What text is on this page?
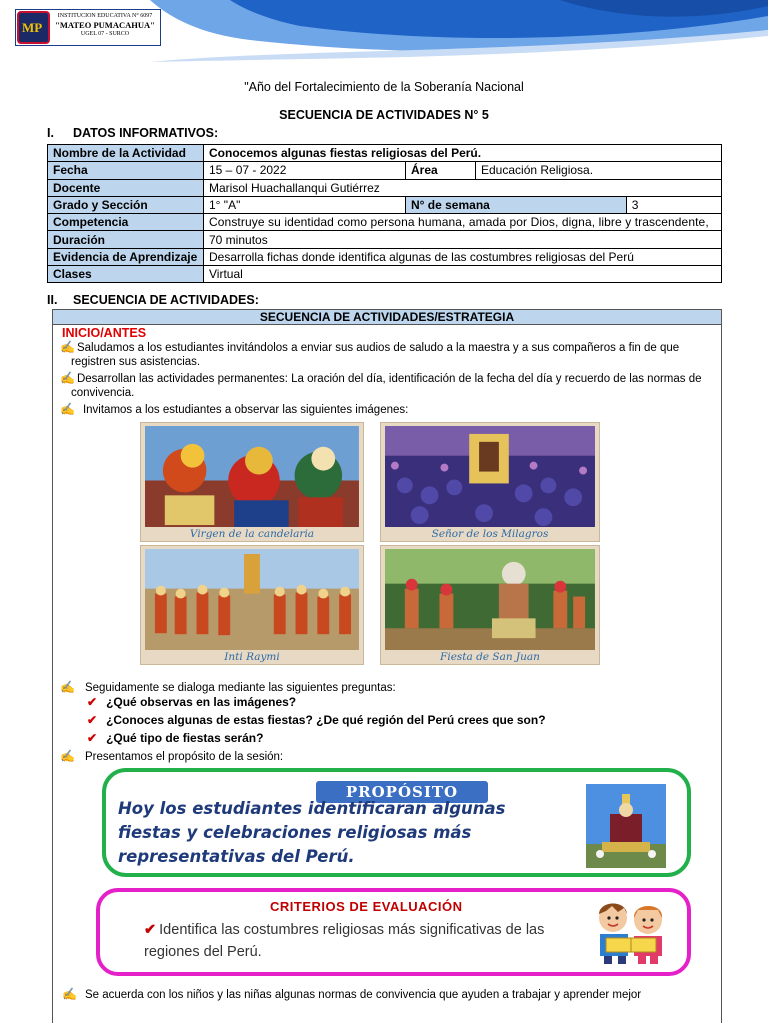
MP
INSTITUCION EDUCATIVA N° 6097
"MATEO PUMACAHUA"
UGEL 07 - SURCO
"Año del Fortalecimiento de la Soberanía Nacional
SECUENCIA DE ACTIVIDADES N° 5
I. DATOS INFORMATIVOS:
Nombre de la Actividad	Conocemos algunas fiestas religiosas del Perú.			
Fecha	15 – 07 - 2022	Área	Educación Religiosa.	
Docente	Marisol Huachallanqui Gutiérrez			
Grado y Sección	1° "A"	N° de semana		3
Competencia	Construye su identidad como persona humana, amada por Dios, digna, libre y trascendente,			
Duración	70 minutos			
Evidencia de Aprendizaje	Desarrolla fichas donde identifica algunas de las costumbres religiosas del Perú			
Clases	Virtual			
II. SECUENCIA DE ACTIVIDADES:
SECUENCIA DE ACTIVIDADES/ESTRATEGIA
INICIO/ANTES
✍ Saludamos a los estudiantes invitándolos a enviar sus audios de saludo a la maestra y a sus compañeros a fin de que
registren sus asistencias.
✍ Desarrollan las actividades permanentes: La oración del día, identificación de la fecha del día y recuerdo de las normas de
convivencia.
✍ Invitamos a los estudiantes a observar las siguientes imágenes:
Virgen de la candelaria	Señor de los Milagros
Inti Raymi	Fiesta de San Juan
✍ Seguidamente se dialoga mediante las siguientes preguntas:
✔ ¿Qué observas en las imágenes?
✔ ¿Conoces algunas de estas fiestas? ¿De qué región del Perú crees que son?
✔ ¿Qué tipo de fiestas serán?
✍ Presentamos el propósito de la sesión:
PROPÓSITO
Hoy los estudiantes identificaran algunas fiestas y celebraciones religiosas más representativas del Perú.
CRITERIOS DE EVALUACIÓN
✔ Identifica las costumbres religiosas más significativas de las regiones del Perú.
✍ Se acuerda con los niños y las niñas algunas normas de convivencia que ayuden a trabajar y aprender mejor
